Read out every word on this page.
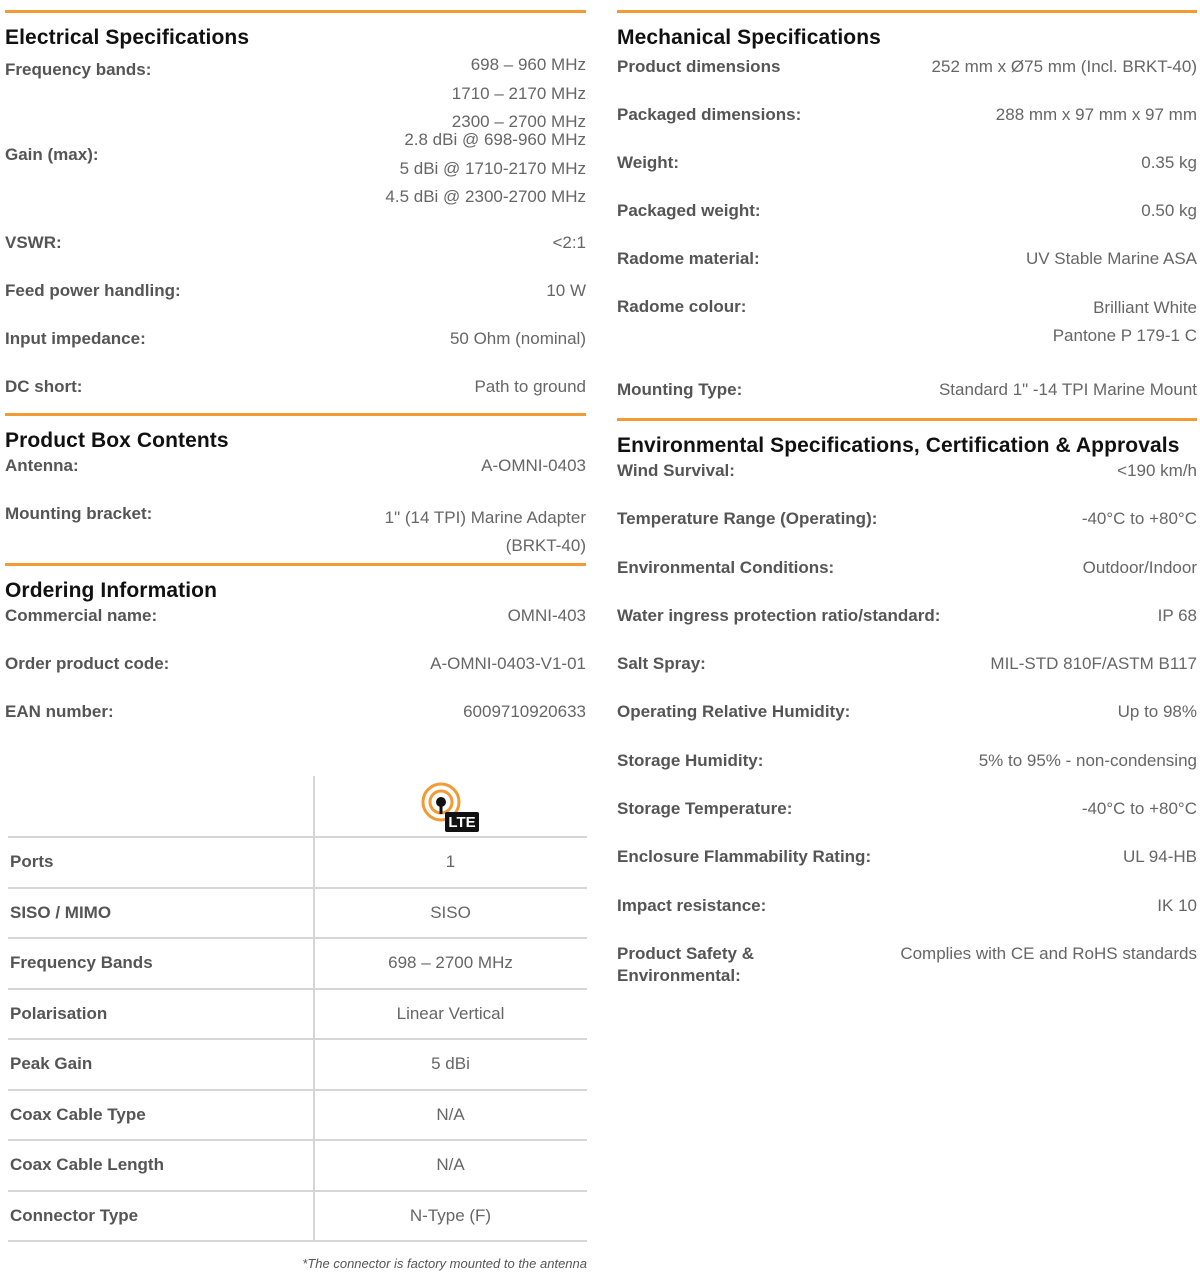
Electrical Specifications
Frequency bands:	698 – 960 MHz
1710 – 2170 MHz
2300 – 2700 MHz
Gain (max):
2.8 dBi @ 698-960 MHz
5 dBi @ 1710-2170 MHz
4.5 dBi @ 2300-2700 MHz
VSWR:	<2:1
Feed power handling:	10 W
Input impedance:	50 Ohm (nominal)
DC short:	Path to ground
Product Box Contents
Antenna:	A-OMNI-0403
Mounting bracket:	1" (14 TPI) Marine Adapter
(BRKT-40)
Ordering Information
Commercial name:	OMNI-403
Order product code:	A-OMNI-0403-V1-01
EAN number:	6009710920633
LTE
Ports	1
SISO / MIMO	SISO
Frequency Bands	698 – 2700 MHz
Polarisation	Linear Vertical
Peak Gain	5 dBi
Coax Cable Type	N/A
Coax Cable Length	N/A
Connector Type	N-Type (F)
*The connector is factory mounted to the antenna
Mechanical Specifications
Product dimensions	252 mm x Ø75 mm (Incl. BRKT-40)
Packaged dimensions:	288 mm x 97 mm x 97 mm
Weight:	0.35 kg
Packaged weight:	0.50 kg
Radome material:	UV Stable Marine ASA
Radome colour:	Brilliant White
Pantone P 179-1 C
Mounting Type:	Standard 1" -14 TPI Marine Mount
Environmental Specifications, Certification & Approvals
Wind Survival:	<190 km/h
Temperature Range (Operating):	-40°C to +80°C
Environmental Conditions:	Outdoor/Indoor
Water ingress protection ratio/standard:	IP 68
Salt Spray:	MIL-STD 810F/ASTM B117
Operating Relative Humidity:	Up to 98%
Storage Humidity:	5% to 95% - non-condensing
Storage Temperature:	-40°C to +80°C
Enclosure Flammability Rating:	UL 94-HB
Impact resistance:	IK 10
Product Safety & Environmental:
Complies with CE and RoHS standards
